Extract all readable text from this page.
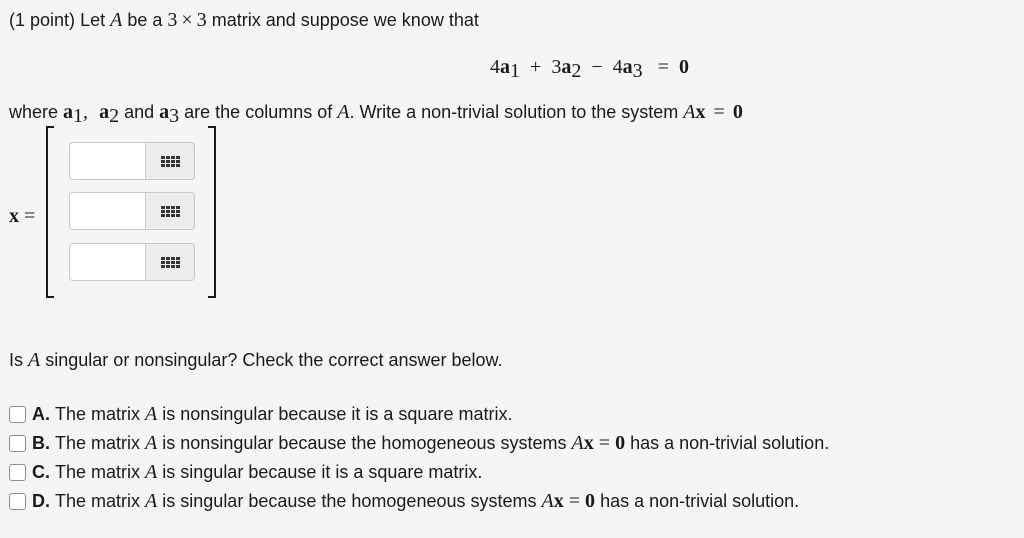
(1 point) Let A be a 3 × 3 matrix and suppose we know that
$4a_1 + 3a_2 - 4a_3 = 0$
where $a_1$, $a_2$ and $a_3$ are the columns of A. Write a non-trivial solution to the system Ax = 0
x =
Is A singular or nonsingular? Check the correct answer below.
A. The matrix
A
is nonsingular because it is a square matrix.
B. The matrix
A
is nonsingular because the homogeneous systems
A x
=
0
has a non-trivial solution.
C. The matrix
A
is singular because it is a square matrix.
D. The matrix
A
is singular because the homogeneous systems
A x
=
0
has a non-trivial solution.
